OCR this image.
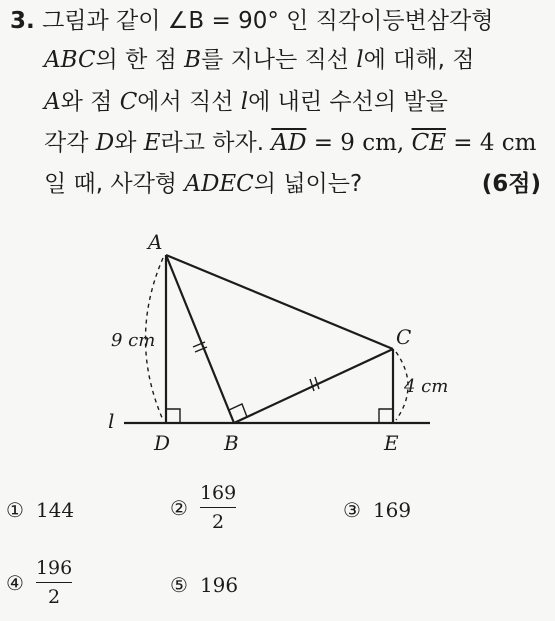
3. 그림과 같이 ∠B = 90° 인 직각이등변삼각형
ABC의 한 점 B를 지나는 직선 l에 대해, 점
A와 점 C에서 직선 l에 내린 수선의 발을
각각 D와 E라고 하자. $\overline{AD} = 9$ cm, $\overline{CE} = 4$ cm
일 때, 사각형 ADEC의 넓이는?	(6점)
A
C
D	B	E
l
9 cm
4 cm
① 144	② $\frac{169}{2}$	③ 169
④ $\frac{196}{2}$	⑤ 196
